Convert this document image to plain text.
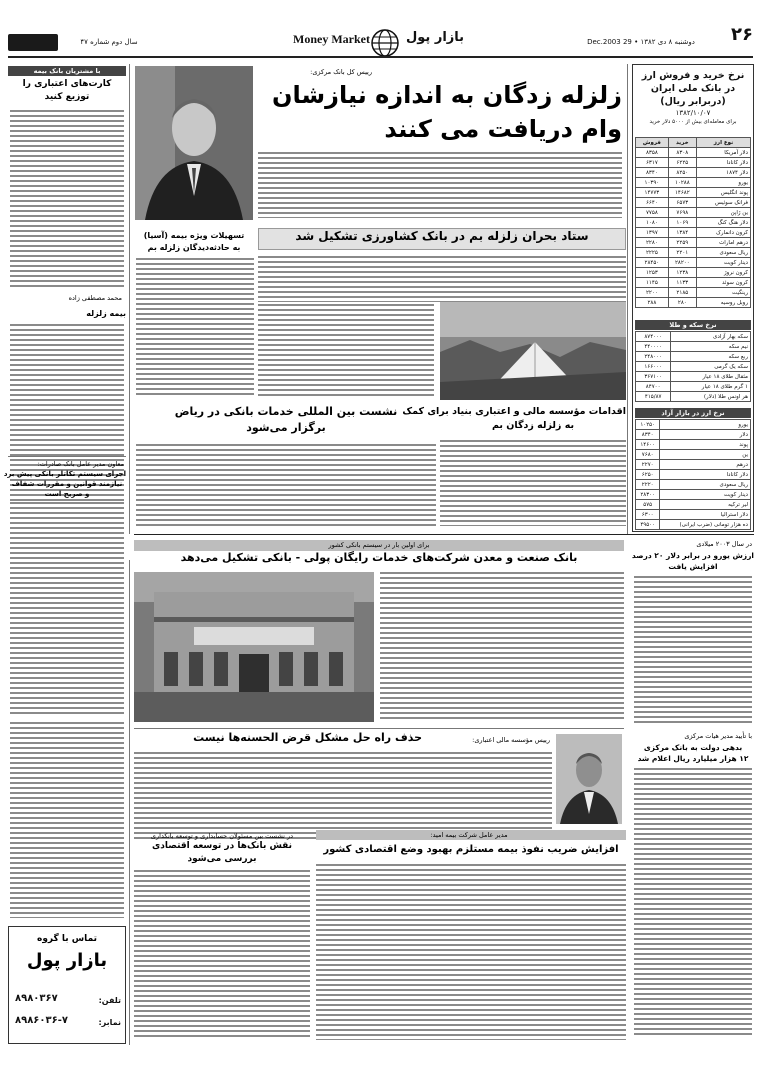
سال دوم شماره ۴۷	Money Market	بازار پول	دوشنبه ۸ دی ۱۳۸۲ • 29 Dec.2003	۲۶
نرخ خرید و فروش ارز در بانک ملی ایران (دربرابر ریال)
۱۳۸۲/۱۰/۰۷
برای معامله‌ای بیش از ۵۰۰۰ دلار خرید
نوع ارز	خرید	فروش
دلار آمریکا	۸۳۰۸	۸۳۵۸
دلار کانادا	۶۲۲۵	۶۳۱۷
دلار ۱۸۷۴	۸۲۵۰	۸۳۴۰
یورو	۱۰۲۸۸	۱۰۳۹۰
پوند انگلیس	۱۴۶۸۲	۱۴۷۷۳
فرانک سوئیس	۶۵۷۳	۶۶۴۰
ین ژاپن	۷۶۹۸	۷۷۵۸
دلار هنگ کنگ	۱۰۶۹	۱۰۸۰
کرون دانمارک	۱۳۸۴	۱۳۹۷
درهم امارات	۲۲۵۹	۲۲۸۰
ریال سعودی	۲۲۰۱	۲۲۲۵
دینار کویت	۲۸۲۰۰	۲۸۴۵۰
کرون نروژ	۱۲۳۸	۱۲۵۳
کرون سوئد	۱۱۳۳	۱۱۴۵
رینگیت	۲۱۸۵	۲۲۰۰
روبل روسیه	۲۸۰	۲۸۸
نرخ سکه و طلا
سکه بهار آزادی	۸۷۴۰۰۰
نیم سکه	۴۴۰۰۰۰
ربع سکه	۲۴۸۰۰۰
سکه یک گرمی	۱۶۶۰۰۰
مثقال طلای ۱۸ عیار	۳۶۷۱۰۰
۱ گرم طلای ۱۸ عیار	۸۴۷۰۰
هر اونس طلا (دلار)	۴۱۵/۸۷
نرخ ارز در بازار آزاد
یورو	۱۰۲۵۰
دلار	۸۳۴۰
پوند	۱۴۶۰۰
ین	۷۶۸۰
درهم	۲۲۷۰
دلار کانادا	۶۲۵۰
ریال سعودی	۲۲۲۰
دینار کویت	۲۸۳۰۰
لیر ترکیه	۵۷۵
دلار استرالیا	۶۳۰۰
ده هزار تومانی (ضرب ایرانی)	۴۹۵۰۰
با مشتریان بانک بیمه
کارت‌های اعتباری را
توزیع کنید
محمد مصطفی زاده
بیمه زلزله
رییس کل بانک مرکزی:
زلزله زدگان به اندازه نیازشان
وام دریافت می کنند
تسهیلات ویژه بیمه (آسیا)
به حادثه‌دیدگان زلزله بم
ستاد بحران زلزله بم در بانک کشاورزی تشکیل شد
اقدامات مؤسسه مالی و اعتباری بنیاد برای کمک
به زلزله زدگان بم
نشست بین المللی خدمات بانکی در ریاض
برگزار می‌شود
معاون مدیر عامل بانک صادرات:
اجرای سیستم تکاتلر بانکی پیش برد
نیازمند قوانین و مقررات شفاف
و صریح است
در سال ۲۰۰۳ میلادی
ارزش یورو در برابر دلار ۲۰ درصد
افزایش یافت
برای اولین بار در سیستم بانکی کشور
بانک صنعت و معدن شرکت‌های خدمات رایگان پولی - بانکی تشکیل می‌دهد
رییس مؤسسه مالی اعتباری:
حذف راه حل مشکل قرض الحسنه‌ها نیست	با تأیید مدیر هیات مرکزی
بدهی دولت به بانک مرکزی
۱۲ هزار میلیارد ریال اعلام شد
مدیر عامل شرکت بیمه امید:
افزایش ضریب نفوذ بیمه مستلزم بهبود وضع اقتصادی کشور
در نشست بین مسئولان حسابداری و توسعه بانکداری
نقش بانک‌ها در توسعه اقتصادی
بررسی می‌شود
تماس با گروه
بازار پول
تلفن:
۸۹۸۰۳۶۷
نمابر:
۸۹۸۶۰۳۶-۷
